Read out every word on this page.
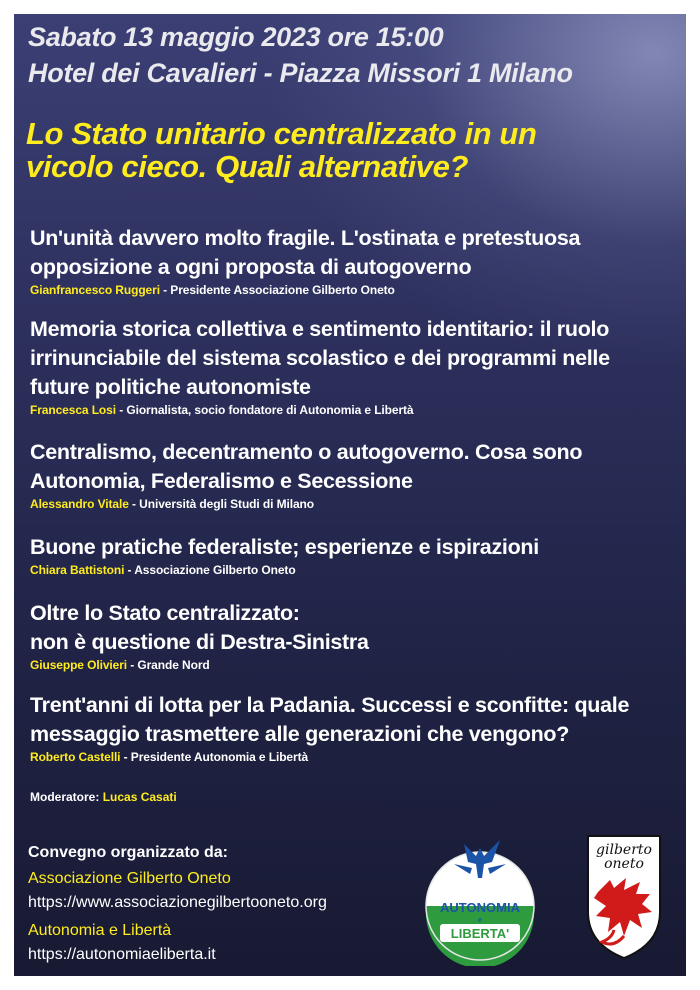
Sabato 13 maggio 2023 ore 15:00
Hotel dei Cavalieri - Piazza Missori 1 Milano
Lo Stato unitario centralizzato in un
vicolo cieco. Quali alternative?
Un'unità davvero molto fragile. L'ostinata e pretestuosa
opposizione a ogni proposta di autogoverno
Gianfrancesco Ruggeri - Presidente Associazione Gilberto Oneto
Memoria storica collettiva e sentimento identitario: il ruolo
irrinunciabile del sistema scolastico e dei programmi nelle
future politiche autonomiste
Francesca Losi - Giornalista, socio fondatore di Autonomia e Libertà
Centralismo, decentramento o autogoverno. Cosa sono
Autonomia, Federalismo e Secessione
Alessandro Vitale - Università degli Studi di Milano
Buone pratiche federaliste; esperienze e ispirazioni
Chiara Battistoni - Associazione Gilberto Oneto
Oltre lo Stato centralizzato:
non è questione di Destra-Sinistra
Giuseppe Olivieri - Grande Nord
Trent'anni di lotta per la Padania. Successi e sconfitte: quale
messaggio trasmettere alle generazioni che vengono?
Roberto Castelli - Presidente Autonomia e Libertà
Moderatore: Lucas Casati
Convegno organizzato da:
Associazione Gilberto Oneto
https://www.associazionegilbertooneto.org
Autonomia e Libertà
https://autonomiaeliberta.it
AUTONOMIA
e
LIBERTA'
gilberto
oneto
